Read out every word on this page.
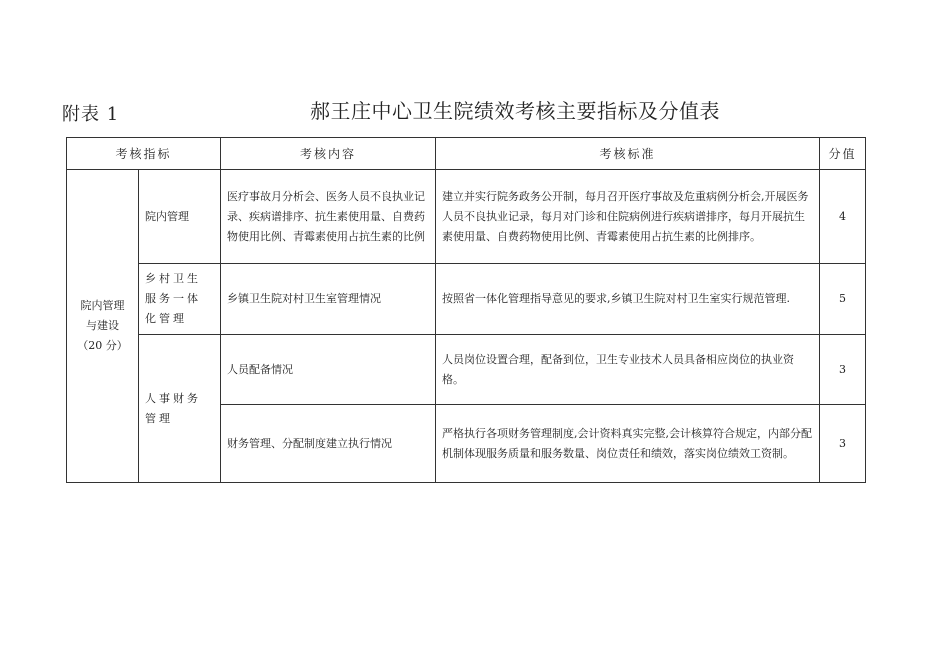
附表 1	郝王庄中心卫生院绩效考核主要指标及分值表
考核指标		考核内容	考核标准	分值

院内管理
与建设
（20 分）	院内管理	医疗事故月分析会、医务人员不良执业记录、疾病谱排序、抗生素使用量、自费药物使用比例、青霉素使用占抗生素的比例	建立并实行院务政务公开制，每月召开医疗事故及危重病例分析会,开展医务人员不良执业记录，每月对门诊和住院病例进行疾病谱排序，每月开展抗生素使用量、自费药物使用比例、青霉素使用占抗生素的比例排序。	4
	乡村卫生服务一体化管理	乡镇卫生院对村卫生室管理情况	按照省一体化管理指导意见的要求,乡镇卫生院对村卫生室实行规范管理.	5
	人事财务管理	人员配备情况	人员岗位设置合理，配备到位，卫生专业技术人员具备相应岗位的执业资格。	3
		财务管理、分配制度建立执行情况	严格执行各项财务管理制度,会计资料真实完整,会计核算符合规定，内部分配机制体现服务质量和服务数量、岗位责任和绩效，落实岗位绩效工资制。	3
